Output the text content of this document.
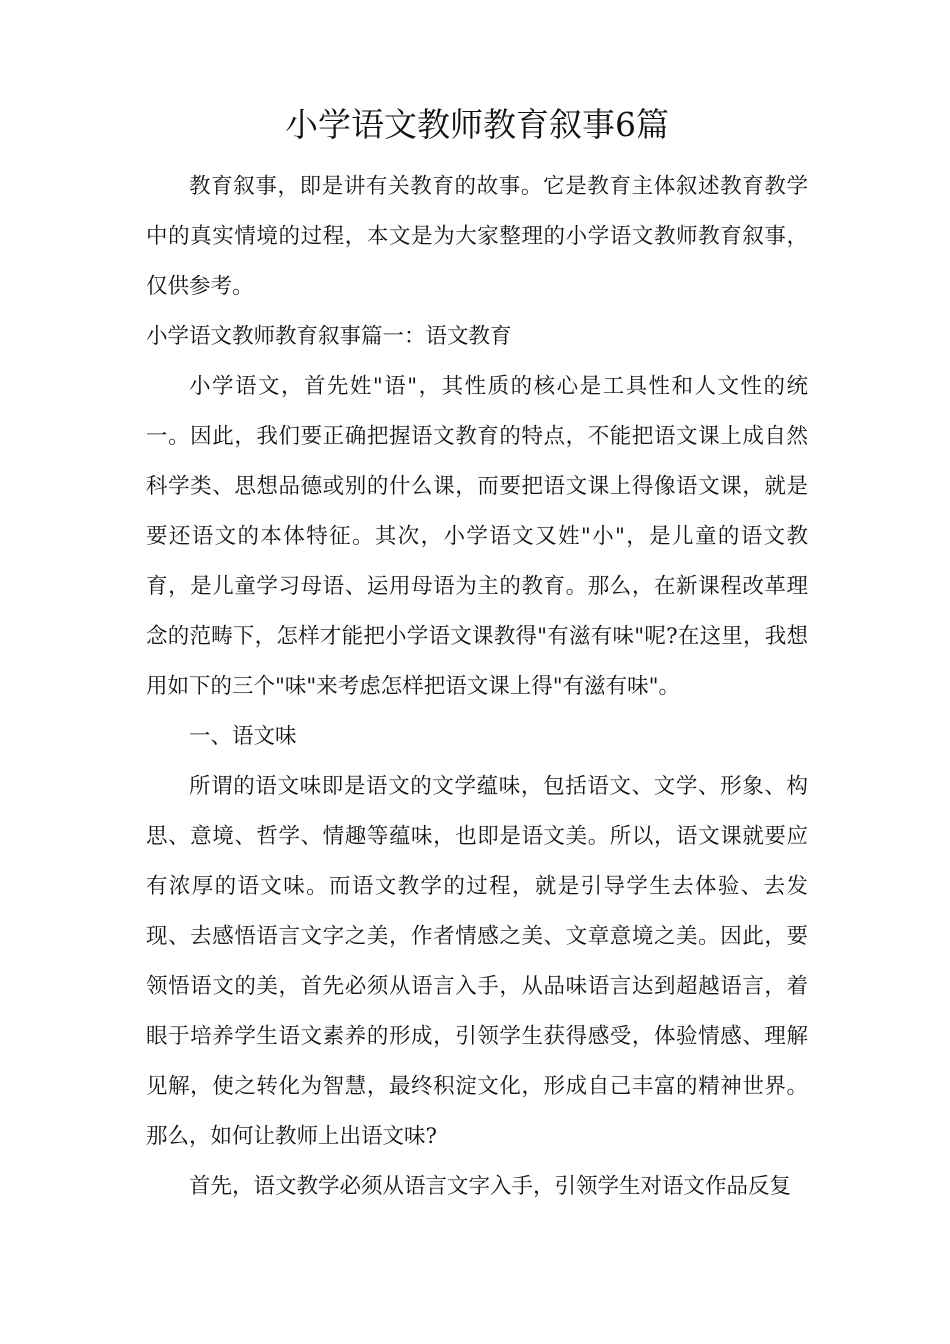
小学语文教师教育叙事6篇

教育叙事，即是讲有关教育的故事。它是教育主体叙述教育教学中的真实情境的过程，本文是为大家整理的小学语文教师教育叙事，仅供参考。

小学语文教师教育叙事篇一：语文教育

小学语文，首先姓"语"，其性质的核心是工具性和人文性的统一。因此，我们要正确把握语文教育的特点，不能把语文课上成自然科学类、思想品德或别的什么课，而要把语文课上得像语文课，就是要还语文的本体特征。其次，小学语文又姓"小"，是儿童的语文教育，是儿童学习母语、运用母语为主的教育。那么，在新课程改革理念的范畴下，怎样才能把小学语文课教得"有滋有味"呢?在这里，我想用如下的三个"味"来考虑怎样把语文课上得"有滋有味"。

一、语文味

所谓的语文味即是语文的文学蕴味，包括语文、文学、形象、构思、意境、哲学、情趣等蕴味，也即是语文美。所以，语文课就要应有浓厚的语文味。而语文教学的过程，就是引导学生去体验、去发现、去感悟语言文字之美，作者情感之美、文章意境之美。因此，要领悟语文的美，首先必须从语言入手，从品味语言达到超越语言，着眼于培养学生语文素养的形成，引领学生获得感受，体验情感、理解见解，使之转化为智慧，最终积淀文化，形成自己丰富的精神世界。那么，如何让教师上出语文味?

首先，语文教学必须从语言文字入手，引领学生对语文作品反复
